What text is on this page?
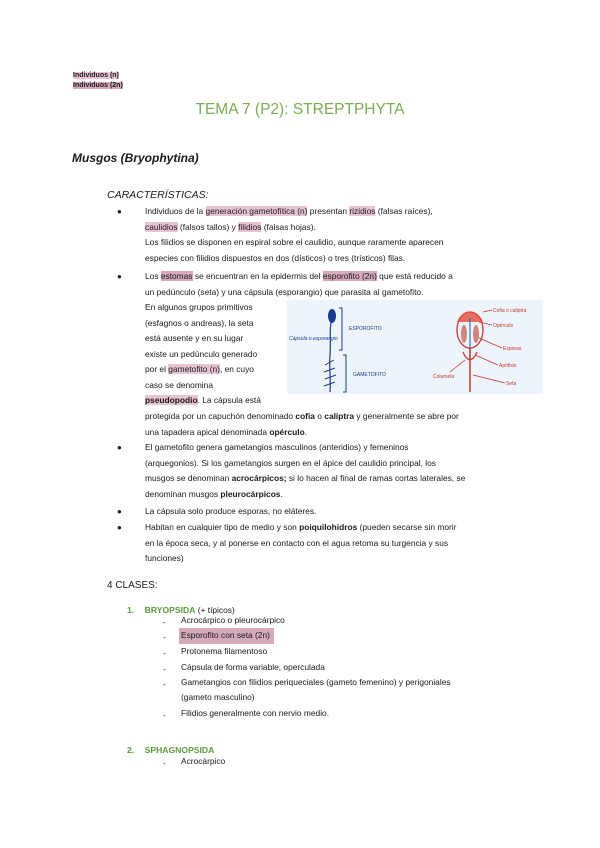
Individuos (n)
Individuos (2n)
TEMA 7 (P2): STREPTPHYTA
Musgos (Bryophytina)
CARACTERÍSTICAS:
●	Individuos de la generación gametofítica (n) presentan rizidios (falsas raíces),
caulidios (falsos tallos) y filidios (falsas hojas).
Los filidios se disponen en espiral sobre el caulidio, aunque raramente aparecen
especies con filidios dispuestos en dos (dísticos) o tres (trísticos) filas.
●	Los estomas se encuentran en la epidermis del esporofito (2n) que está reducido a
un pedúnculo (seta) y una cápsula (esporangio) que parasita al gametofito.
En algunos grupos primitivos
(esfagnos o andreas), la seta
está ausente y en su lugar
existe un pedúnculo generado
por el gametofito (n), en cuyo
caso se denomina
pseudopodio. La cápsula está
protegida por un capuchón denominado cofia o caliptra y generalmente se abre por
una tapadera apical denominada opérculo.
ESPOROFITO
GAMETOFITO
Cápsula o esporangio
Cofia o caliptra
Opérculo
Esporas
Apófisis
Seta
Columela
●	El gametofito genera gametangios masculinos (anteridios) y femeninos
(arquegonios). Si los gametangios surgen en el ápice del caulidio principal, los
musgos se denominan acrocárpicos; si lo hacen al final de ramas cortas laterales, se
denominan musgos pleurocárpicos.
●	La cápsula solo produce esporas, no eláteres.
●	Habitan en cualquier tipo de medio y son poiquilohidros (pueden secarse sin morir
en la época seca, y al ponerse en contacto con el agua retoma su turgencia y sus
funciones)
4 CLASES:
1. BRYOPSIDA (+ típicos)
- Acrocárpico o pleurocárpico
- Esporofito con seta (2n)
- Protonema filamentoso
- Cápsula de forma variable, operculada
- Gametangios con filidios periqueciales (gameto femenino) y perigoniales
(gameto masculino)
- Filidios generalmente con nervio medio.
2. SPHAGNOPSIDA
- Acrocárpico
